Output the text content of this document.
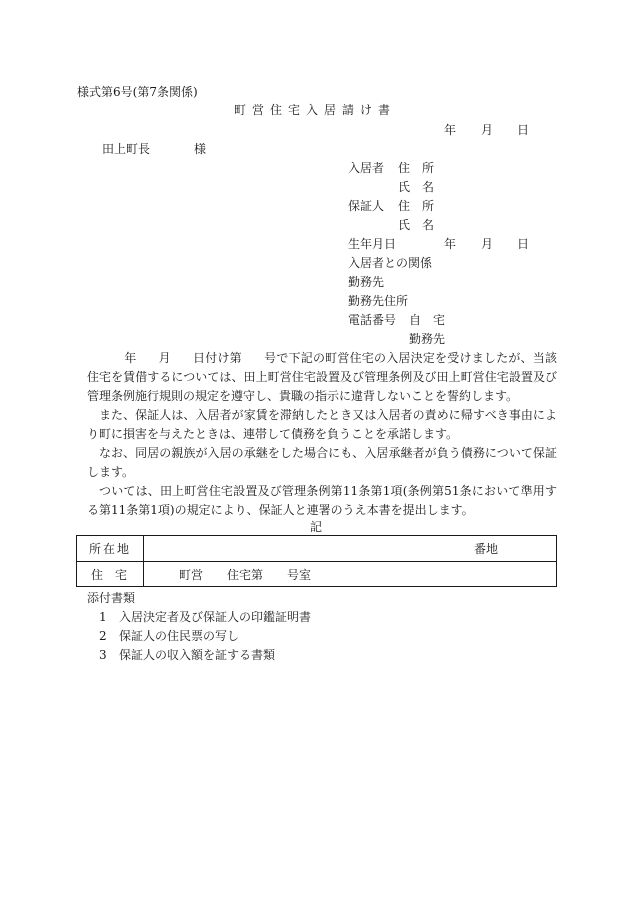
様式第6号(第7条関係)
町営住宅入居請け書
年 月 日
田上町長	様
入居者 住　所
氏　名
保証人 住　所
氏　名
生年月日	年 月 日
入居者との関係
勤務先
勤務先住所
電話番号 自　宅
勤務先
年 月 日付け第 号で下記の町営住宅の入居決定を受けましたが、当該住宅を賃借するについては、田上町営住宅設置及び管理条例及び田上町営住宅設置及び管理条例施行規則の規定を遵守し、貴職の指示に違背しないことを誓約します。
また、保証人は、入居者が家賃を滞納したとき又は入居者の責めに帰すべき事由により町に損害を与えたときは、連帯して債務を負うことを承諾します。
なお、同居の親族が入居の承継をした場合にも、入居承継者が負う債務について保証します。
ついては、田上町営住宅設置及び管理条例第11条第1項(条例第51条において準用する第11条第1項)の規定により、保証人と連署のうえ本書を提出します。
記
所在地	番地
住　宅	町営 住宅第 号室
添付書類
1 入居決定者及び保証人の印鑑証明書
2 保証人の住民票の写し
3 保証人の収入額を証する書類
